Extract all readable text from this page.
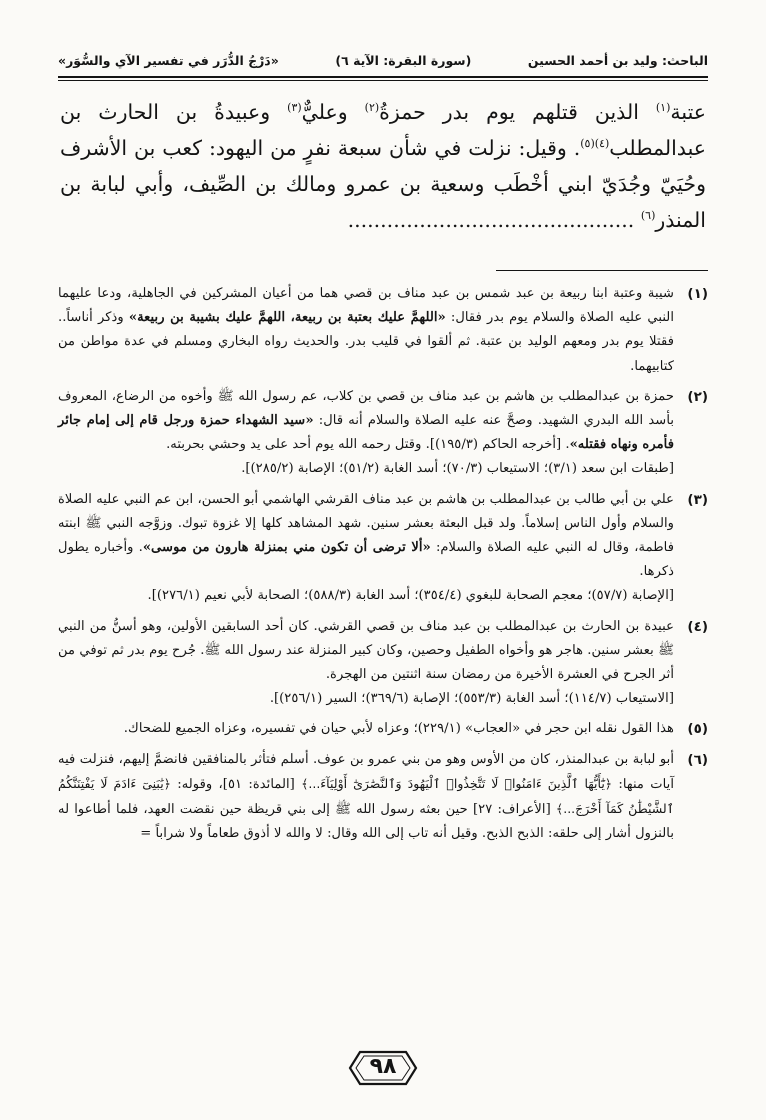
الباحث: وليد بن أحمد الحسين
(سورة البقرة: الآية ٦)
«دَرْجُ الدُّرَر في تفسير الآي والسُّوَر»
عتبة$^{(١)}$ الذين قتلهم يوم بدر حمزةُ$^{(٢)}$ وعليٌّ$^{(٣)}$ وعبيدةُ بن الحارث بن عبدالمطلب$^{(٤)(٥)}$. وقيل: نزلت في شأن سبعة نفرٍ من اليهود: كعب بن الأشرف وحُيَيّ وجُدَيّ ابني أخْطَب وسعية بن عمرو ومالك بن الصِّيف، وأبي لبابة بن المنذر$^{(٦)}$ ............................................
(١)

شيبة وعتبة ابنا ربيعة بن عبد شمس بن عبد مناف بن قصي هما من أعيان المشركين في الجاهلية، ودعا عليهما النبي عليه الصلاة والسلام يوم بدر فقال: «اللهمَّ عليك بعتبة بن ربيعة، اللهمَّ عليك بشيبة بن ربيعة» وذكر أناساً.. فقتلا يوم بدر ومعهم الوليد بن عتبة. ثم ألقوا في قليب بدر. والحديث رواه البخاري ومسلم في عدة مواطن من كتابيهما.

(٢)

حمزة بن عبدالمطلب بن هاشم بن عبد مناف بن قصي بن كلاب، عم رسول الله ﷺ وأخوه من الرضاع، المعروف بأسد الله البدري الشهيد. وصحَّ عنه عليه الصلاة والسلام أنه قال: «سيد الشهداء حمزة ورجل قام إلى إمام جائر فأمره ونهاه فقتله». [أخرجه الحاكم (١٩٥/٣)]. وقتل رحمه الله يوم أحد على يد وحشي بحربته.

[طبقات ابن سعد (٣/١)؛ الاستيعاب (٧٠/٣)؛ أسد الغابة (٥١/٢)؛ الإصابة (٢٨٥/٢)].

(٣)

علي بن أبي طالب بن عبدالمطلب بن هاشم بن عبد مناف القرشي الهاشمي أبو الحسن، ابن عم النبي عليه الصلاة والسلام وأول الناس إسلاماً. ولد قبل البعثة بعشر سنين. شهد المشاهد كلها إلا غزوة تبوك. وزوَّجه النبي ﷺ ابنته فاطمة، وقال له النبي عليه الصلاة والسلام: «ألا ترضى أن تكون مني بمنزلة هارون من موسى». وأخباره يطول ذكرها.

[الإصابة (٥٧/٧)؛ معجم الصحابة للبغوي (٣٥٤/٤)؛ أسد الغابة (٥٨٨/٣)؛ الصحابة لأبي نعيم (٢٧٦/١)].

(٤)

عبيدة بن الحارث بن عبدالمطلب بن عبد مناف بن قصي القرشي. كان أحد السابقين الأولين، وهو أسنُّ من النبي ﷺ بعشر سنين. هاجر هو وأخواه الطفيل وحصين، وكان كبير المنزلة عند رسول الله ﷺ. جُرح يوم بدر ثم توفي من أثر الجرح في العشرة الأخيرة من رمضان سنة اثنتين من الهجرة.

[الاستيعاب (١١٤/٧)؛ أسد الغابة (٥٥٣/٣)؛ الإصابة (٣٦٩/٦)؛ السير (٢٥٦/١)].

(٥)

هذا القول نقله ابن حجر في «العجاب» (٢٢٩/١)؛ وعزاه لأبي حيان في تفسيره، وعزاه الجميع للضحاك.

(٦)

أبو لبابة بن عبدالمنذر، كان من الأوس وهو من بني عمرو بن عوف. أسلم فتأثر بالمنافقين فانضمَّ إليهم، فنزلت فيه آيات منها: ﴿يَٰٓأَيُّهَا ٱلَّذِينَ ءَامَنُوا۟ لَا تَتَّخِذُوا۟ ٱلْيَهُودَ وَٱلنَّصَٰرَىٰٓ أَوْلِيَآءَ...﴾ [المائدة: ٥١]، وقوله: ﴿يَٰبَنِىٓ ءَادَمَ لَا يَفْتِنَنَّكُمُ ٱلشَّيْطَٰنُ كَمَآ أَخْرَجَ...﴾ [الأعراف: ٢٧] حين بعثه رسول الله ﷺ إلى بني قريظة حين نقضت العهد، فلما أطاعوا له بالنزول أشار إلى حلقه: الذبح الذبح. وقيل أنه تاب إلى الله وقال: لا والله لا أذوق طعاماً ولا شراباً =

٩٨
